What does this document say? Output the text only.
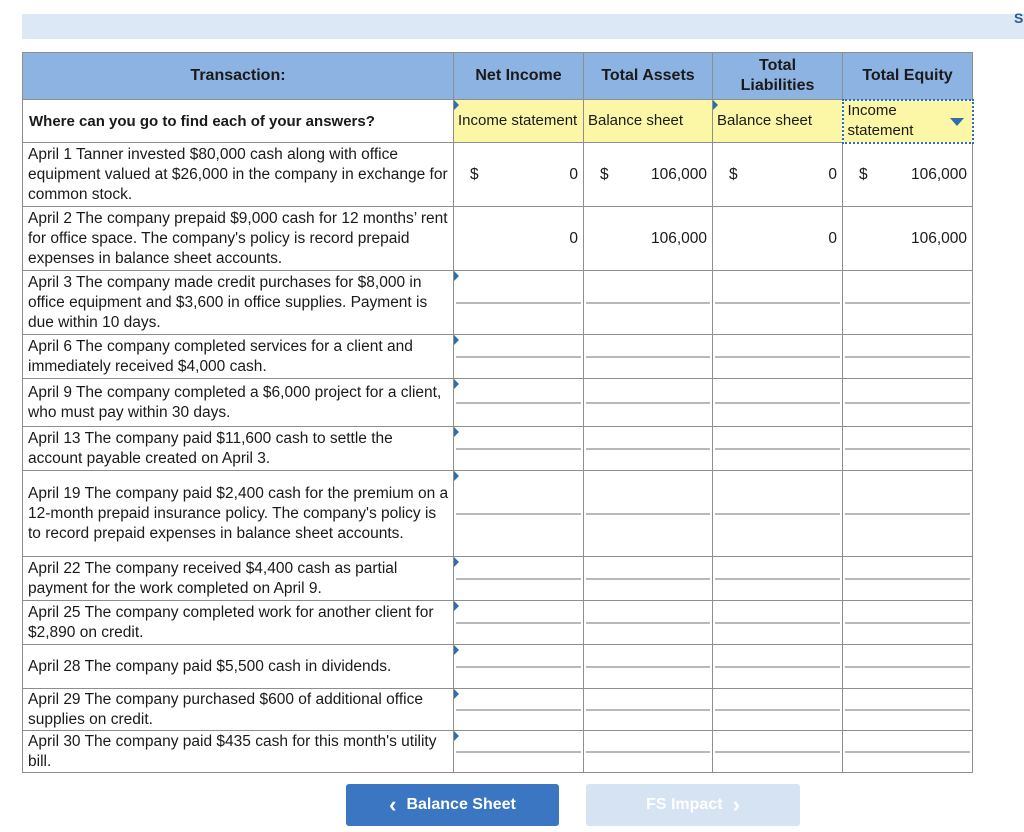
S
Transaction:	Net Income	Total Assets	Total Liabilities	Total Equity
Where can you go to find each of your answers?	Income statement	Balance sheet	Balance sheet	Income statement

April 1 Tanner invested $80,000 cash along with office equipment valued at $26,000 in the company in exchange for common stock.	$ 0	$ 106,000	$ 0	$ 106,000

April 2 The company prepaid $9,000 cash for 12 months’ rent for office space. The company's policy is record prepaid expenses in balance sheet accounts.	0	106,000	0	106,000

April 3 The company made credit purchases for $8,000 in office equipment and $3,600 in office supplies. Payment is due within 10 days.	

April 6 The company completed services for a client and immediately received $4,000 cash.	

April 9 The company completed a $6,000 project for a client, who must pay within 30 days.	

April 13 The company paid $11,600 cash to settle the account payable created on April 3.	

April 19 The company paid $2,400 cash for the premium on a 12-month prepaid insurance policy. The company's policy is to record prepaid expenses in balance sheet accounts.	

April 22 The company received $4,400 cash as partial payment for the work completed on April 9.	

April 25 The company completed work for another client for $2,890 on credit.	

April 28 The company paid $5,500 cash in dividends.	

April 29 The company purchased $600 of additional office supplies on credit.	

April 30 The company paid $435 cash for this month's utility bill.	

‹ Balance Sheet	FS Impact ›
